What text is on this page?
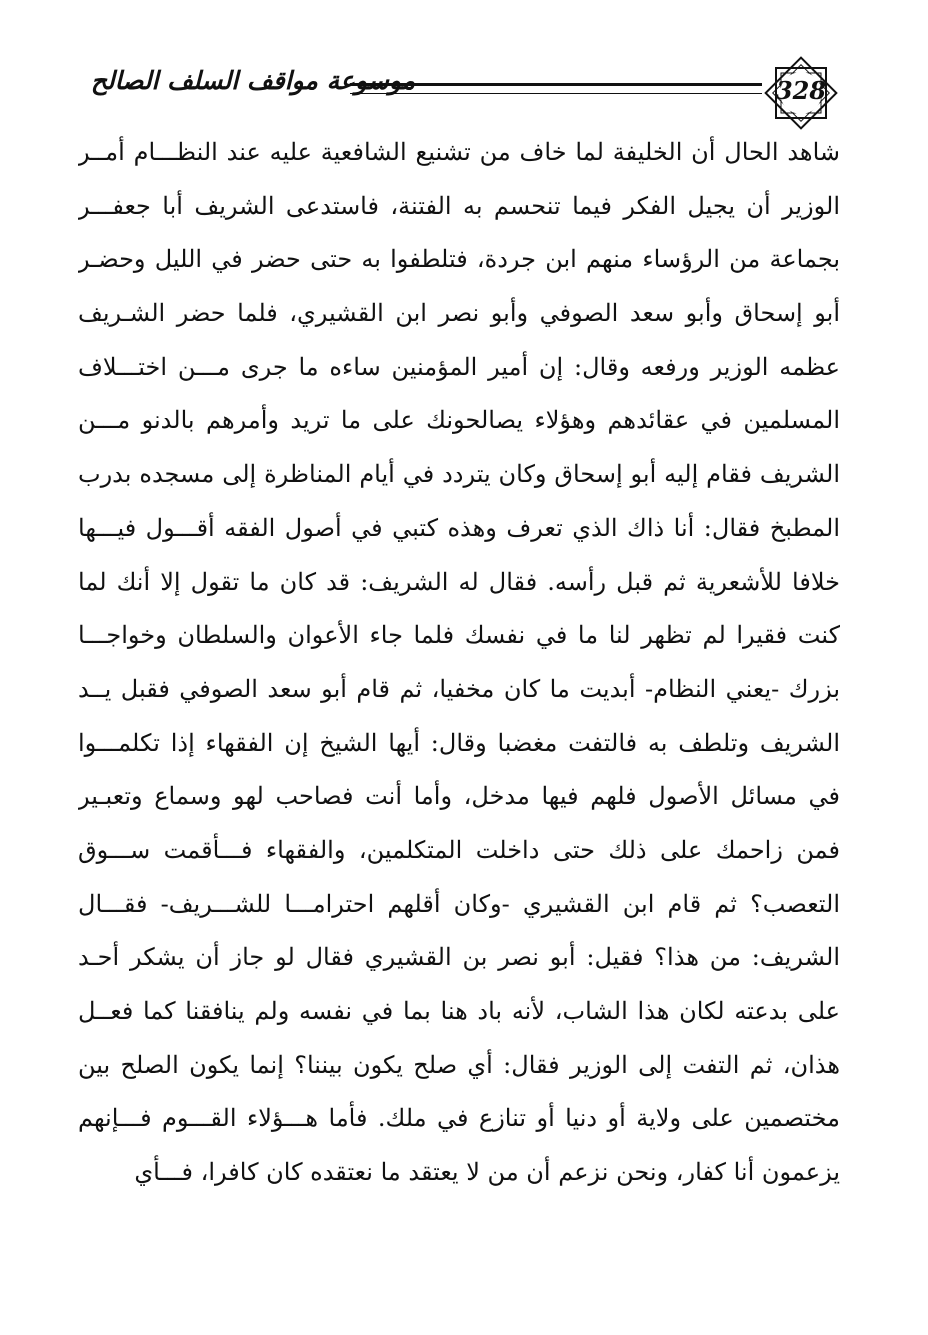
موسوعة مواقف السلف الصالح	328
شاهد الحال أن الخليفة لما خاف من تشنيع الشافعية عليه عند النظـــام أمــر
الوزير أن يجيل الفكر فيما تنحسم به الفتنة، فاستدعى الشريف أبا جعفـــر
بجماعة من الرؤساء منهم ابن جردة، فتلطفوا به حتى حضر في الليل وحضـر
أبو إسحاق وأبو سعد الصوفي وأبو نصر ابن القشيري، فلما حضر الشـريف
عظمه الوزير ورفعه وقال: إن أمير المؤمنين ساءه ما جرى مـــن اختـــلاف
المسلمين في عقائدهم وهؤلاء يصالحونك على ما تريد وأمرهم بالدنو مـــن
الشريف فقام إليه أبو إسحاق وكان يتردد في أيام المناظرة إلى مسجده بدرب
المطبخ فقال: أنا ذاك الذي تعرف وهذه كتبي في أصول الفقه أقـــول فيـــها
خلافا للأشعرية ثم قبل رأسه. فقال له الشريف: قد كان ما تقول إلا أنك لما
كنت فقيرا لم تظهر لنا ما في نفسك فلما جاء الأعوان والسلطان وخواجـــا
بزرك -يعني النظام- أبديت ما كان مخفيا، ثم قام أبو سعد الصوفي فقبل يــد
الشريف وتلطف به فالتفت مغضبا وقال: أيها الشيخ إن الفقهاء إذا تكلمـــوا
في مسائل الأصول فلهم فيها مدخل، وأما أنت فصاحب لهو وسماع وتعبـير
فمن زاحمك على ذلك حتى داخلت المتكلمين، والفقهاء فـــأقمت ســـوق
التعصب؟ ثم قام ابن القشيري -وكان أقلهم احترامـــا للشـــريف- فقـــال
الشريف: من هذا؟ فقيل: أبو نصر بن القشيري فقال لو جاز أن يشكر أحـد
على بدعته لكان هذا الشاب، لأنه باد هنا بما في نفسه ولم ينافقنا كما فعــل
هذان، ثم التفت إلى الوزير فقال: أي صلح يكون بيننا؟ إنما يكون الصلح بين
مختصمين على ولاية أو دنيا أو تنازع في ملك. فأما هـــؤلاء القـــوم فـــإنهم
يزعمون أنا كفار، ونحن نزعم أن من لا يعتقد ما نعتقده كان كافرا، فـــأي
